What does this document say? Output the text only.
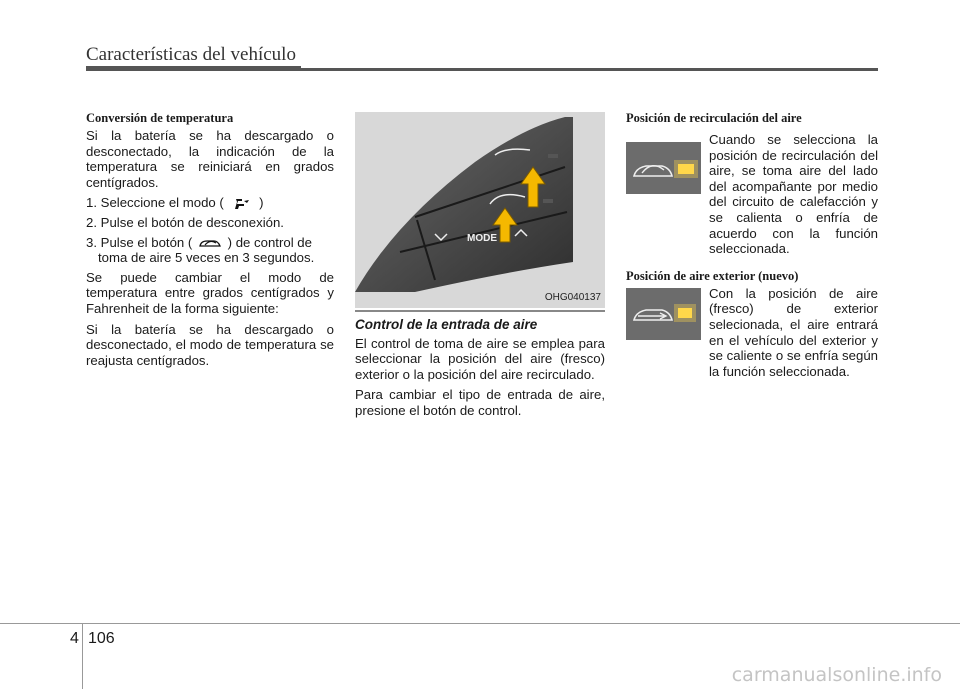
Características del vehículo
Conversión de temperatura

Si la batería se ha descargado o desconectado, la indicación de la temperatura se reiniciará en grados centígrados.

1. Seleccione el modo (	)
2. Pulse el botón de desconexión.
3. Pulse el botón (	) de control de toma de aire 5 veces en 3 segundos.

Se puede cambiar el modo de temperatura entre grados centígrados y Fahrenheit de la forma siguiente:

Si la batería se ha descargado o desconectado, el modo de temperatura se reajusta centígrados.

MODE
OHG040137
Control de la entrada de aire

El control de toma de aire se emplea para seleccionar la posición del aire (fresco) exterior o la posición del aire recirculado.

Para cambiar el tipo de entrada de aire, presione el botón de control.

Posición de recirculación del aire

Cuando se selecciona la posición de recirculación del aire, se toma aire del lado del acompañante por medio del circuito de calefacción y se calienta o enfría de acuerdo con la función seleccionada.

Posición de aire exterior (nuevo)

Con la posición de aire (fresco) de exterior selecionada, el aire entrará en el vehículo del exterior y se caliente o se enfría según la función seleccionada.

4 106
carmanualsonline.info
